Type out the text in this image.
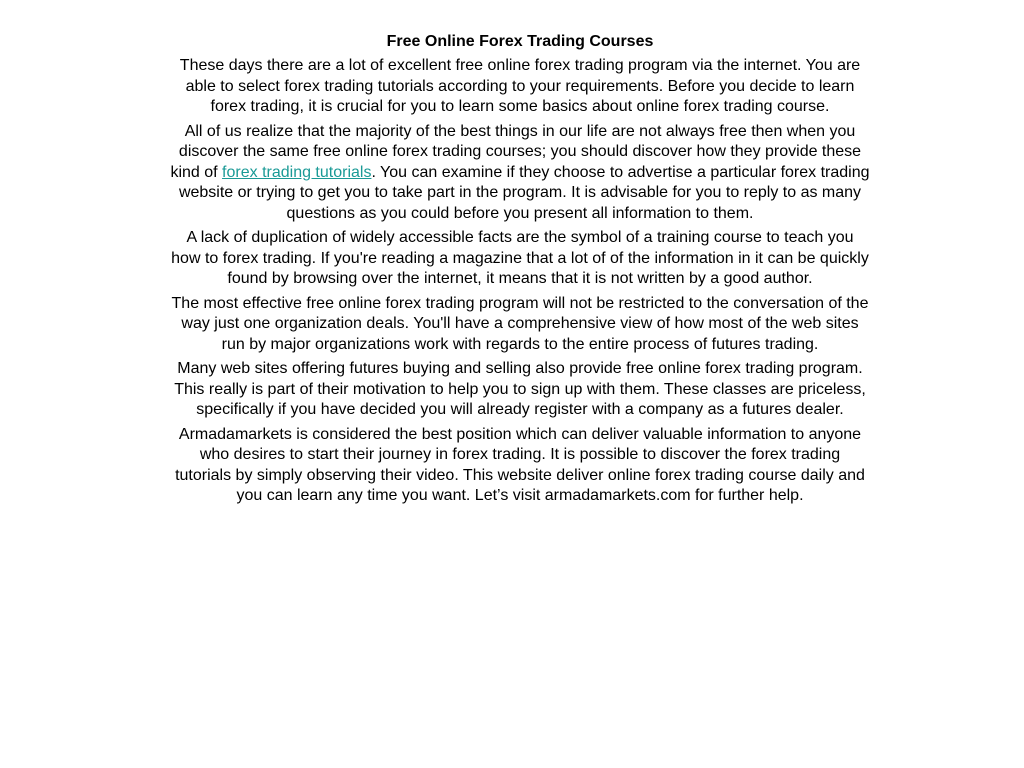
Free Online Forex Trading Courses

These days there are a lot of excellent free online forex trading program via the internet. You are able to select forex trading tutorials according to your requirements. Before you decide to learn forex trading, it is crucial for you to learn some basics about online forex trading course.

All of us realize that the majority of the best things in our life are not always free then when you discover the same free online forex trading courses; you should discover how they provide these kind of forex trading tutorials. You can examine if they choose to advertise a particular forex trading website or trying to get you to take part in the program. It is advisable for you to reply to as many questions as you could before you present all information to them.

A lack of duplication of widely accessible facts are the symbol of a training course to teach you how to forex trading. If you're reading a magazine that a lot of of the information in it can be quickly found by browsing over the internet, it means that it is not written by a good author.

The most effective free online forex trading program will not be restricted to the conversation of the way just one organization deals. You'll have a comprehensive view of how most of the web sites run by major organizations work with regards to the entire process of futures trading.

Many web sites offering futures buying and selling also provide free online forex trading program. This really is part of their motivation to help you to sign up with them. These classes are priceless, specifically if you have decided you will already register with a company as a futures dealer.

Armadamarkets is considered the best position which can deliver valuable information to anyone who desires to start their journey in forex trading. It is possible to discover the forex trading tutorials by simply observing their video. This website deliver online forex trading course daily and you can learn any time you want. Let’s visit armadamarkets.com for further help.
